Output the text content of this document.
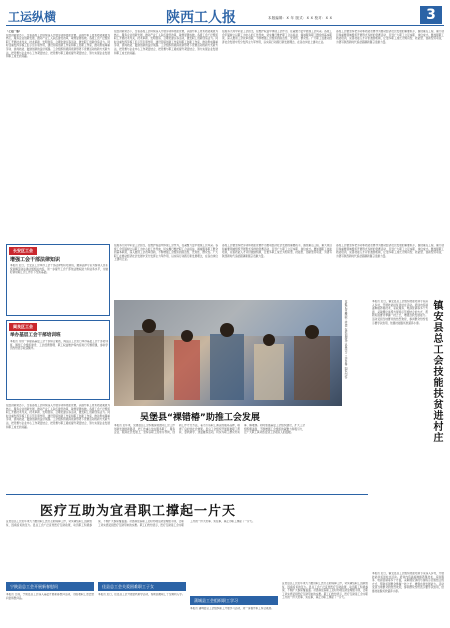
工运纵横	陕西工人报	本版编辑：X 年 版式：X X 校对：X X	3
（上接一版）
在经济新常态下，全省各级工会持续深入开展劳动和技能竞赛，以提升职工技术技能素质为核心，服务企业创新发展，推动产业工人队伍建设改革，取得显著成效。各级工会广泛组织职工开展技术攻关、技术革新、发明创造、合理化建议等活动，激发职工创新创造活力。同时注重发挥劳模工匠示范引领作用，建设劳模创新工作室和职工创新工作室，推动形成尊重劳动、崇尚技能、鼓励创新的良好氛围。工会组织积极探索新形势下竞赛活动的新方式新方法，把竞赛与企业中心工作紧密结合，把竞赛与职工素质提升紧密结合，努力实现企业发展和职工成长的双赢。
在经济新常态下，全省各级工会持续深入开展劳动和技能竞赛，以提升职工技术技能素质为核心，服务企业创新发展，推动产业工人队伍建设改革，取得显著成效。各级工会广泛组织职工开展技术攻关、技术革新、发明创造、合理化建议等活动，激发职工创新创造活力。同时注重发挥劳模工匠示范引领作用，建设劳模创新工作室和职工创新工作室，推动形成尊重劳动、崇尚技能、鼓励创新的良好氛围。工会组织积极探索新形势下竞赛活动的新方式新方法，把竞赛与企业中心工作紧密结合，把竞赛与职工素质提升紧密结合，努力实现企业发展和职工成长的双赢。
在服务大局中彰显工会担当，在维护权益中体现工会作为，在凝聚力量中展现工会风采。各级工会牢固树立以职工为中心的工作导向，切实履行维护职工合法权益、竭诚服务职工群众的基本职责，深入推进工会改革创新，不断增强工会组织的政治性、先进性、群众性。广大职工在推动经济社会发展中充分发挥主力军作用，以实际行动践行新发展理念，在各自岗位上建功立业。
各级工会要坚持把劳动和技能竞赛作为推动经济社会发展的重要抓手，围绕重点工程、重大项目和重要领域组织开展形式多样的竞赛活动，引导广大职工立足本职、岗位成才。要加强职工技能培训，完善技能人才评价激励机制，让更多职工成长为知识型、技能型、创新型劳动者，为谱写陕西新时代追赶超越新篇章贡献力量。
长安区工会
增强工会干部法律知识
本报讯 近日，长安区工会举办工会干部法律知识培训班，邀请法律专家为参训人员系统讲解劳动法律法规相关内容，进一步提升工会干部依法维权能力和业务水平，为做好新时期工会工作打下坚实基础。
阎良区工会
举办基层工会干部培训班
本报讯 为进一步提高基层工会干部综合素质，阎良区工会近日举办基层工会干部培训班，围绕工会组织建设、工会经费管理、职工权益维护等内容进行专题授课，参训学员纷纷表示收获颇丰。
在服务大局中彰显工会担当，在维护权益中体现工会作为，在凝聚力量中展现工会风采。各级工会牢固树立以职工为中心的工作导向，切实履行维护职工合法权益、竭诚服务职工群众的基本职责，深入推进工会改革创新，不断增强工会组织的政治性、先进性、群众性。广大职工在推动经济社会发展中充分发挥主力军作用，以实际行动践行新发展理念，在各自岗位上建功立业。
各级工会要坚持把劳动和技能竞赛作为推动经济社会发展的重要抓手，围绕重点工程、重大项目和重要领域组织开展形式多样的竞赛活动，引导广大职工立足本职、岗位成才。要加强职工技能培训，完善技能人才评价激励机制，让更多职工成长为知识型、技能型、创新型劳动者，为谱写陕西新时代追赶超越新篇章贡献力量。
各级工会要坚持把劳动和技能竞赛作为推动经济社会发展的重要抓手，围绕重点工程、重大项目和重要领域组织开展形式多样的竞赛活动，引导广大职工立足本职、岗位成才。要加强职工技能培训，完善技能人才评价激励机制，让更多职工成长为知识型、技能型、创新型劳动者，为谱写陕西新时代追赶超越新篇章贡献力量。
本报记者 摄 职工代表 在培训现场 认真学习 工会业务 知识内容	镇安县总工会技能扶贫进村庄
本报讯 近日，镇安县总工会组织技能培训专家深入乡村，开展技能扶贫进村庄活动。培训内容涵盖种植养殖技术、家政服务、电商营销等多个方面，采取理论讲授与现场示范相结合的方式，帮助贫困群众掌握一技之长，增强自我发展能力。活动受到当地群众的热烈欢迎，参训群众纷纷表示要学以致用，依靠技能脱贫致富奔小康。
吴堡县“裸错椿”助推工会发展
本报讯 近年来，吴堡县总工会积极探索推动工会工作创新发展的新路径，把工作重心放在服务职工、服务企业、服务社会发展上，坚持以职工需求为导向，创新工作方式方法，着力打造职工满意的服务品牌，取得了良好的社会效果。县总工会组织开展困难职工帮扶、金秋助学、送温暖等活动，切实为职工群众办实事、解难题。同时加强基层工会组织建设，扩大工会组织覆盖面，不断增强工会组织的凝聚力和吸引力，让广大职工真切感受到工会娘家人的温暖。
在经济新常态下，全省各级工会持续深入开展劳动和技能竞赛，以提升职工技术技能素质为核心，服务企业创新发展，推动产业工人队伍建设改革，取得显著成效。各级工会广泛组织职工开展技术攻关、技术革新、发明创造、合理化建议等活动，激发职工创新创造活力。同时注重发挥劳模工匠示范引领作用，建设劳模创新工作室和职工创新工作室，推动形成尊重劳动、崇尚技能、鼓励创新的良好氛围。工会组织积极探索新形势下竞赛活动的新方式新方法，把竞赛与企业中心工作紧密结合，把竞赛与职工素质提升紧密结合，努力实现企业发展和职工成长的双赢。
医疗互助为宜君职工撑起一片天
宜君县总工会近年来大力推进职工医疗互助保障工作，切实减轻职工因病致贫、因病返贫的压力。县总工会广泛宣传医疗互助政策，动员职工积极参保，不断扩大参保覆盖面。对患病住院职工及时办理互助金理赔手续，让职工切实感受到医疗互助带来的实惠。职工们纷纷表示，医疗互助是工会为职工办的一件大好事、实在事，真正为职工撑起了一片天。
宁陕县总工会开展新春慰问
本报讯 日前，宁陕县总工会深入基层开展新春慰问活动，为困难职工送去慰问金和慰问品。
佳县总工会关爱困难职工子女
本报讯 近日，佳县总工会开展金秋助学活动，帮助困难职工子女顺利入学。
蒲城县工会组织职工学习
本报讯 蒲城县总工会组织职工开展学习活动，进一步提升职工综合素质。
宜君县总工会近年来大力推进职工医疗互助保障工作，切实减轻职工因病致贫、因病返贫的压力。县总工会广泛宣传医疗互助政策，动员职工积极参保，不断扩大参保覆盖面。对患病住院职工及时办理互助金理赔手续，让职工切实感受到医疗互助带来的实惠。职工们纷纷表示，医疗互助是工会为职工办的一件大好事、实在事，真正为职工撑起了一片天。
本报讯 近日，镇安县总工会组织技能培训专家深入乡村，开展技能扶贫进村庄活动。培训内容涵盖种植养殖技术、家政服务、电商营销等多个方面，采取理论讲授与现场示范相结合的方式，帮助贫困群众掌握一技之长，增强自我发展能力。活动受到当地群众的热烈欢迎，参训群众纷纷表示要学以致用，依靠技能脱贫致富奔小康。
